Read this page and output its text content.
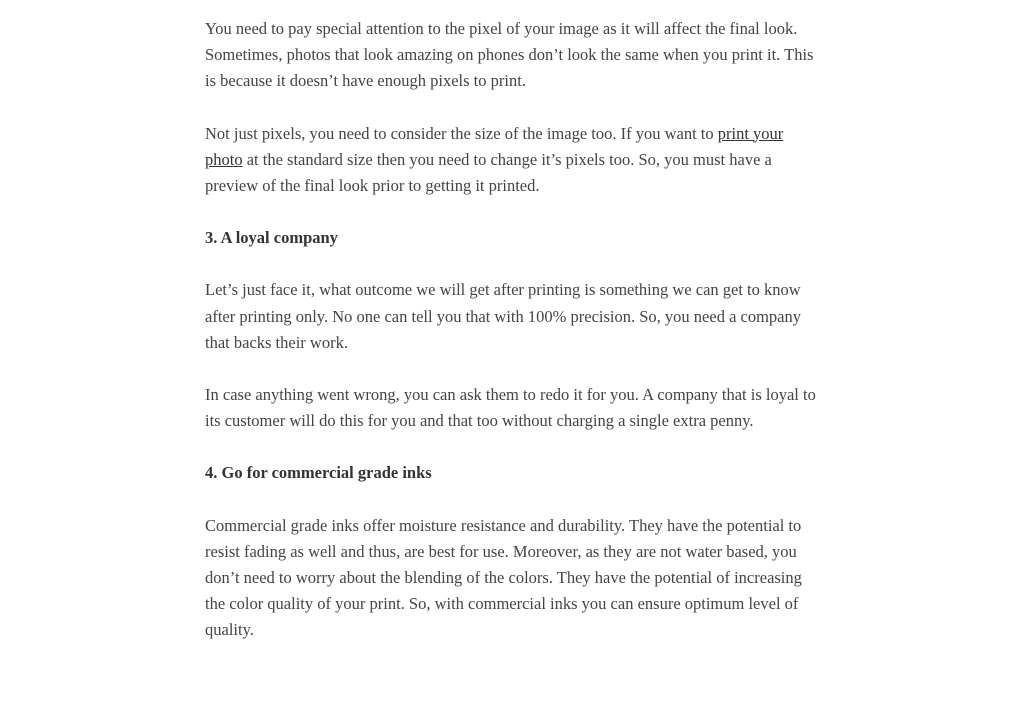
You need to pay special attention to the pixel of your image as it will affect the final look. Sometimes, photos that look amazing on phones don’t look the same when you print it. This is because it doesn’t have enough pixels to print.

Not just pixels, you need to consider the size of the image too. If you want to print your photo at the standard size then you need to change it’s pixels too. So, you must have a preview of the final look prior to getting it printed.

3. A loyal company

Let’s just face it, what outcome we will get after printing is something we can get to know after printing only. No one can tell you that with 100% precision. So, you need a company that backs their work.

In case anything went wrong, you can ask them to redo it for you. A company that is loyal to its customer will do this for you and that too without charging a single extra penny.

4. Go for commercial grade inks

Commercial grade inks offer moisture resistance and durability. They have the potential to resist fading as well and thus, are best for use. Moreover, as they are not water based, you don’t need to worry about the blending of the colors. They have the potential of increasing the color quality of your print. So, with commercial inks you can ensure optimum level of quality.
